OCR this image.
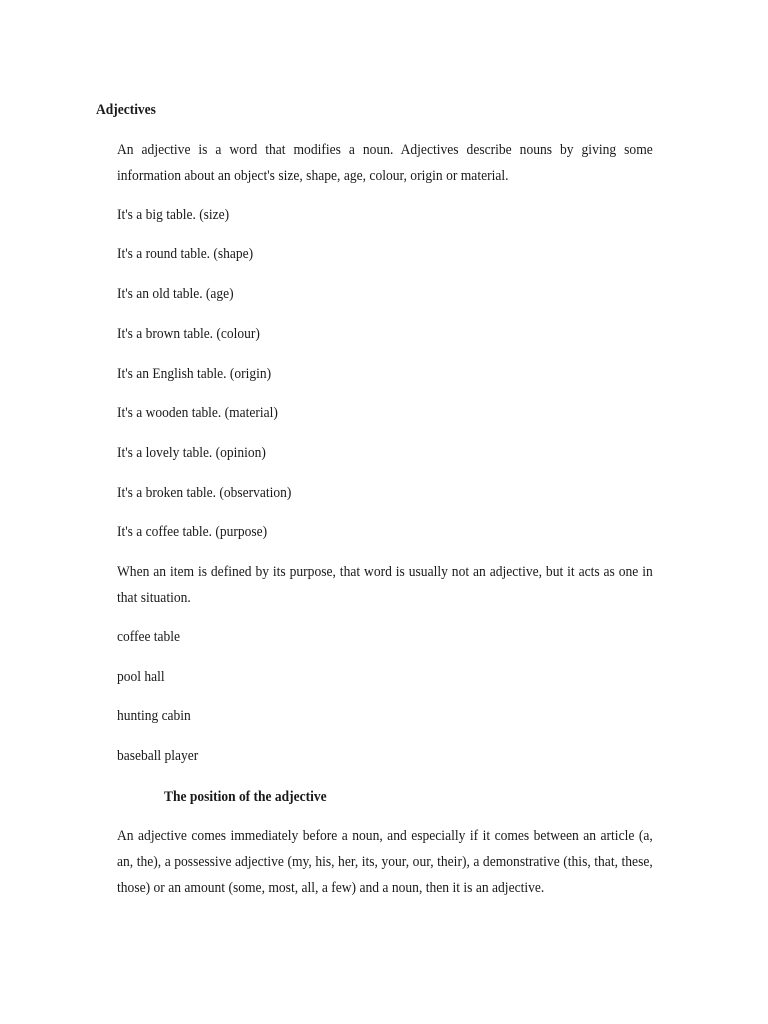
Adjectives
An adjective is a word that modifies a noun. Adjectives describe nouns by giving some information about an object's size, shape, age, colour, origin or material.
It's a big table. (size)
It's a round table. (shape)
It's an old table. (age)
It's a brown table. (colour)
It's an English table. (origin)
It's a wooden table. (material)
It's a lovely table. (opinion)
It's a broken table. (observation)
It's a coffee table. (purpose)
When an item is defined by its purpose, that word is usually not an adjective, but it acts as one in that situation.
coffee table
pool hall
hunting cabin
baseball player
The position of the adjective
An adjective comes immediately before a noun, and especially if it comes between an article (a, an, the), a possessive adjective (my, his, her, its, your, our, their), a demonstrative (this, that, these, those) or an amount (some, most, all, a few) and a noun, then it is an adjective.
